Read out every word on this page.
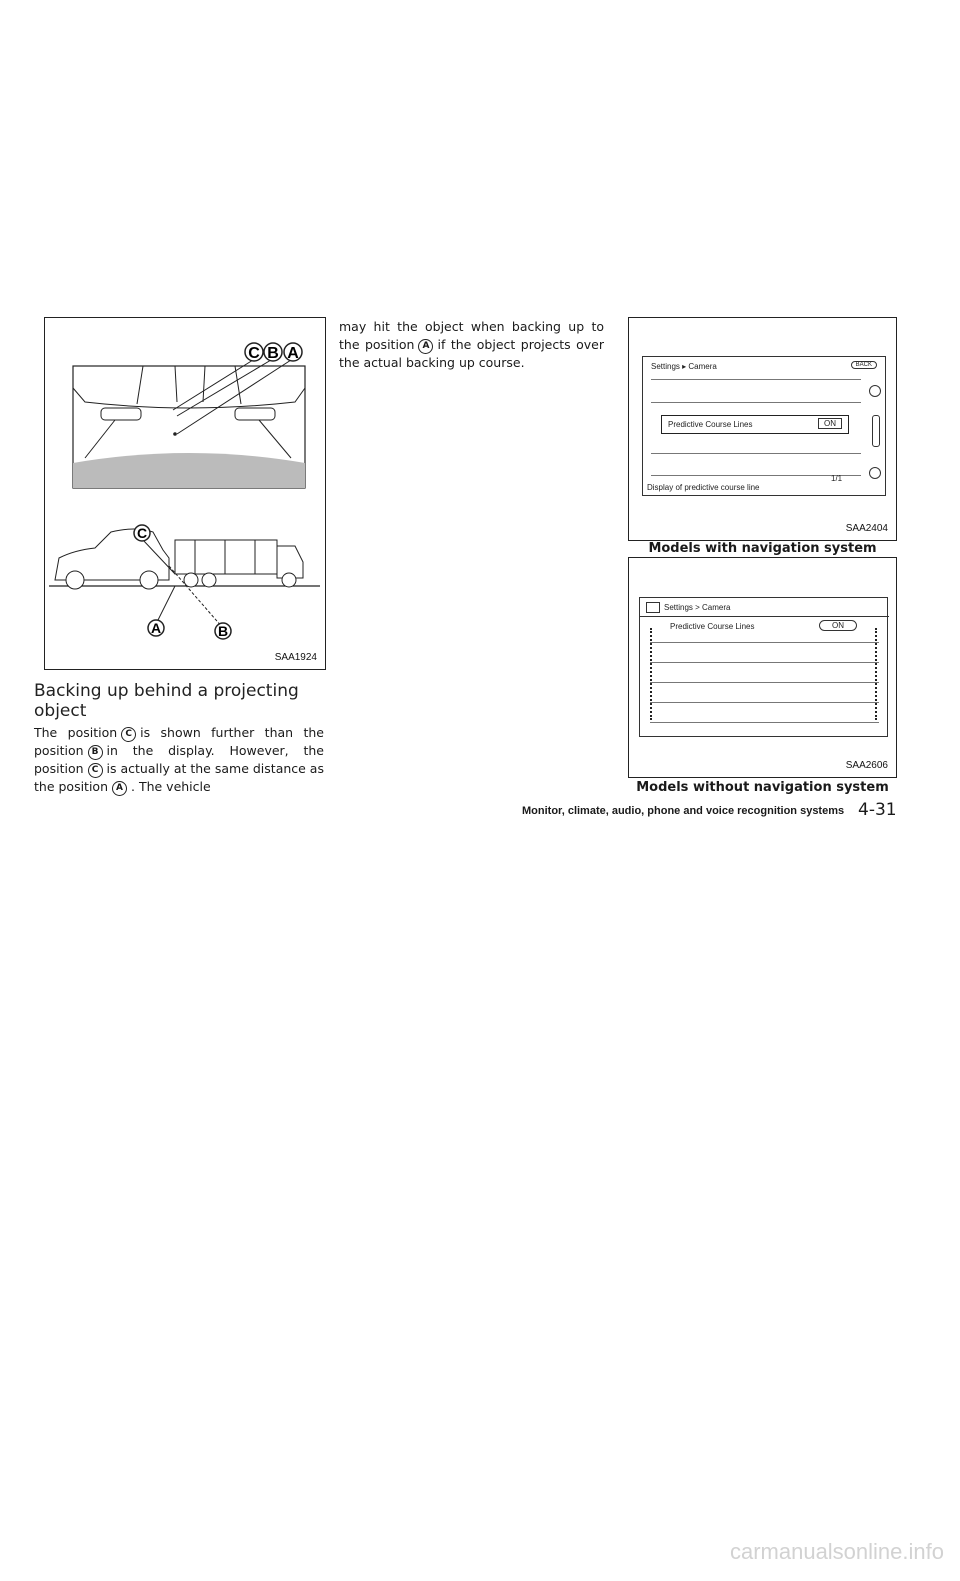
C B A
C
A	B
SAA1924
Backing up behind a projecting object
The position C is shown further than the position B in the display. However, the position C is actually at the same distance as the position A . The vehicle
may hit the object when backing up to the position A if the object projects over the actual backing up course.	Settings ▸ Camera	BACK
Predictive Course Lines	ON
1/1
Display of predictive course line
SAA2404
Models with navigation system
Settings > Camera
Predictive Course Lines	ON
SAA2606
Models without navigation system
Monitor, climate, audio, phone and voice recognition systems 4-31
carmanualsonline.info
